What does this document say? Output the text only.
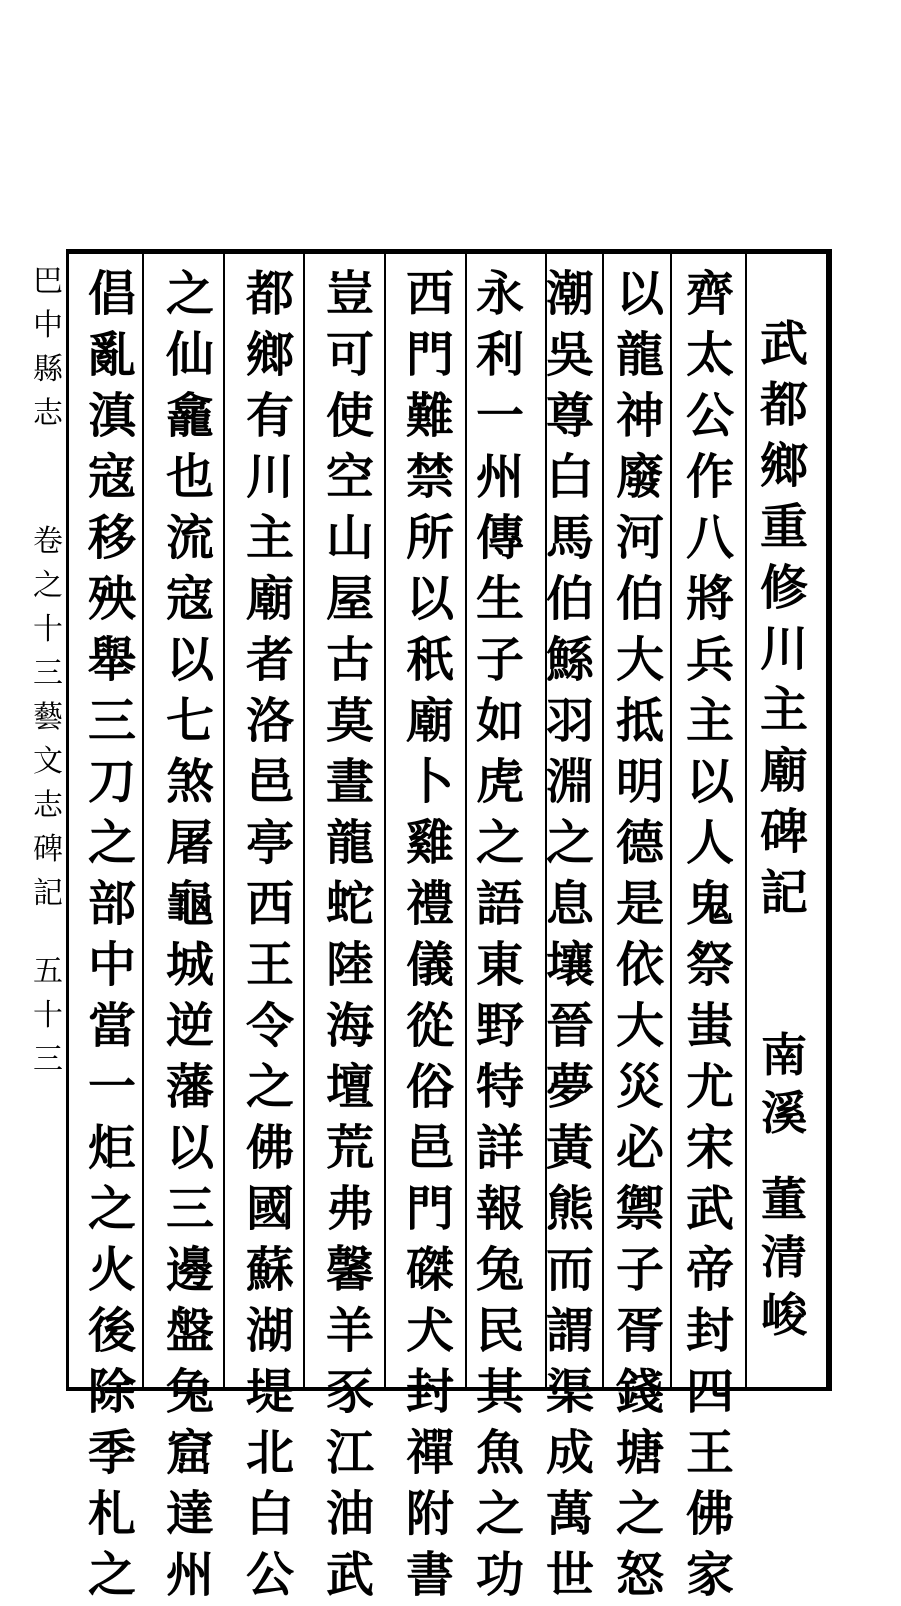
齊太公作八將兵主以人鬼祭蚩尤宋武帝封四王佛家
以龍神廢河伯大抵明德是依大災必禦子胥錢塘之怒
潮吳尊白馬伯鯀羽淵之息壤晉夢黃熊而謂渠成萬世
永利一州傳生子如虎之語東野特詳報兔民其魚之功
西門難禁所以秖廟卜雞禮儀從俗邑門磔犬封禪附書
豈可使空山屋古莫晝龍蛇陸海壇荒弗馨羊豕江油武
都鄉有川主廟者洛邑亭西王令之佛國蘇湖堤北白公
之仙龕也流寇以七煞屠龜城逆藩以三邊盤兔窟達州
倡亂滇寇移殃舉三刀之部中當一炬之火後除季札之
武都鄉重修川主廟碑記
南溪
董清峻
巴中縣志
卷之十三藝文志碑記
五十三
